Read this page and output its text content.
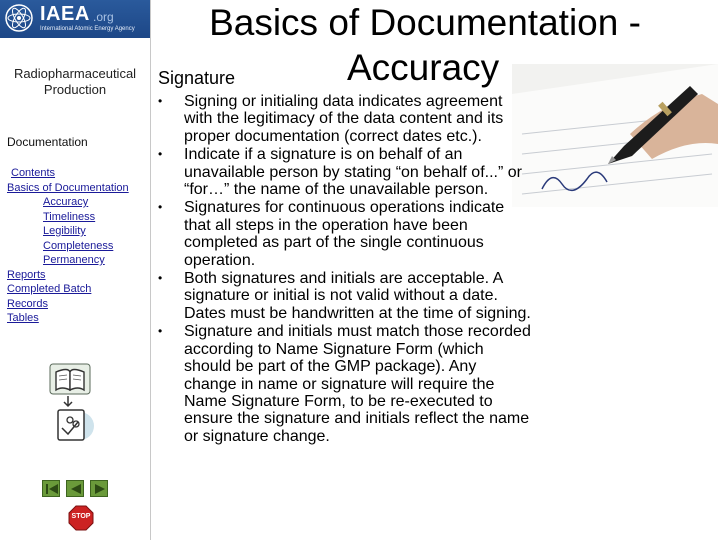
IAEA .org
International Atomic Energy Agency
Radiopharmaceutical
Production
Documentation
Contents
Basics of Documentation
Accuracy
Timeliness
Legibility
Completeness
Permanency
Reports
Completed Batch
Records
Tables
STOP
Basics of Documentation -
Accuracy
Signature
• Signing or initialing data indicates agreement with the legitimacy of the data content and its proper documentation (correct dates etc.).
• Indicate if a signature is on behalf of an unavailable person by stating “on behalf of...” or “for…” the name of the unavailable person.
• Signatures for continuous operations indicate that all steps in the operation have been completed as part of the single continuous operation.
• Both signatures and initials are acceptable. A signature or initial is not valid without a date. Dates must be handwritten at the time of signing.
• Signature and initials must match those recorded according to Name Signature Form (which should be part of the GMP package). Any change in name or signature will require the Name Signature Form, to be re-executed to ensure the signature and initials reflect the name or signature change.
